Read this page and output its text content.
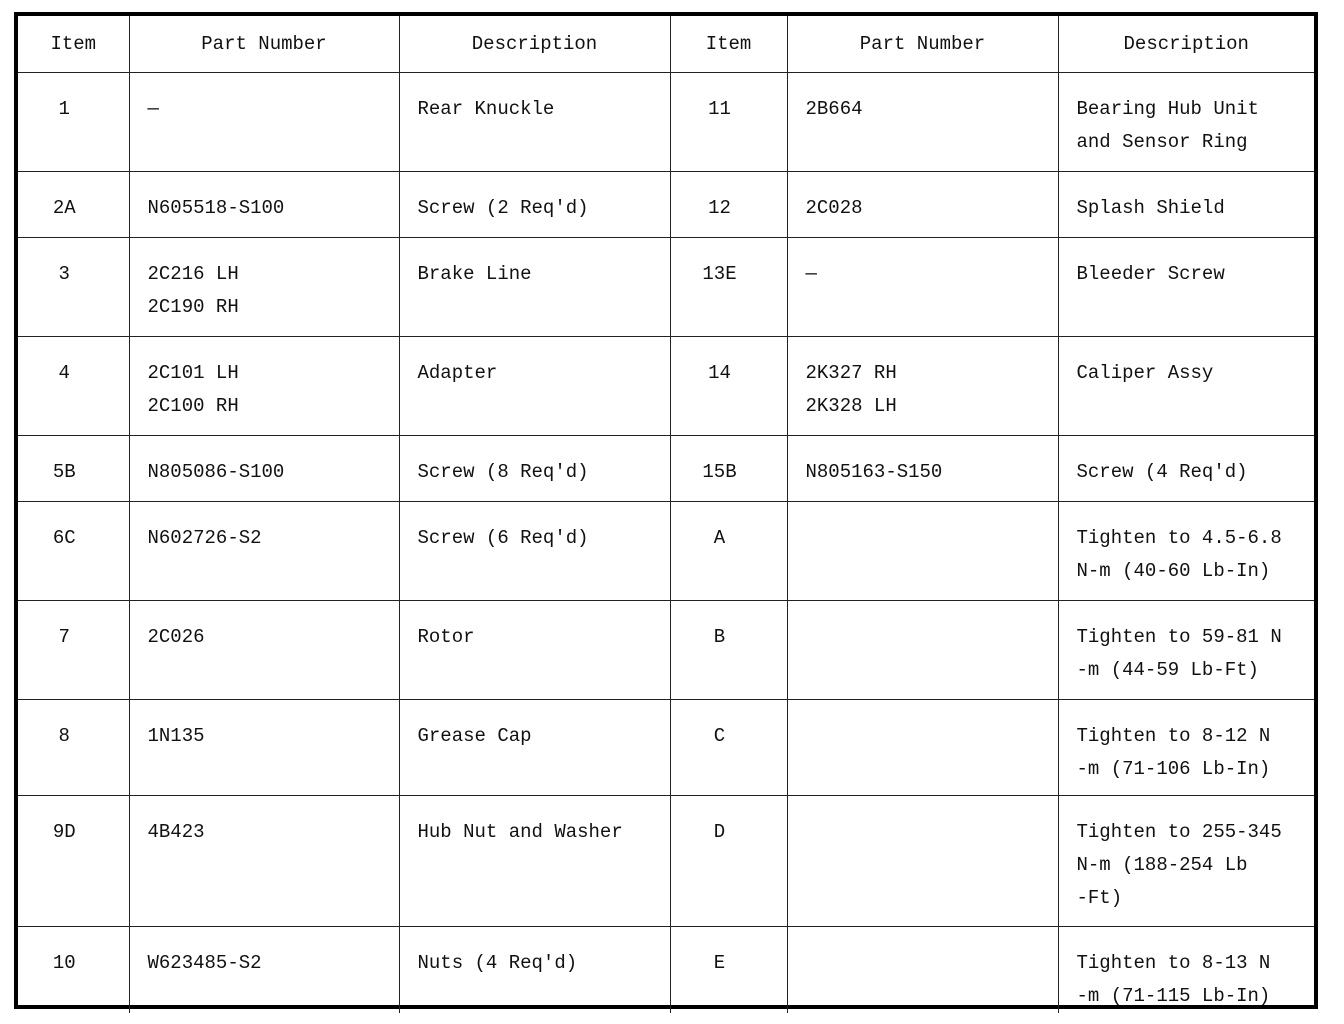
Item	Part Number	Description	Item	Part Number	Description

1	—	Rear Knuckle	11	2B664	Bearing Hub Unit and Sensor Ring

2A	N605518-S100	Screw (2 Req'd)	12	2C028	Splash Shield

3	2C216 LH
2C190 RH	Brake Line	13E	—	Bleeder Screw

4	2C101 LH
2C100 RH	Adapter	14	2K327 RH
2K328 LH	Caliper Assy

5B	N805086-S100	Screw (8 Req'd)	15B	N805163-S150	Screw (4 Req'd)

6C	N602726-S2	Screw (6 Req'd)	A		Tighten to 4.5-6.8
N-m (40-60 Lb-In)

7	2C026	Rotor	B		Tighten to 59-81 N
-m (44-59 Lb-Ft)

8	1N135	Grease Cap	C		Tighten to 8-12 N
-m (71-106 Lb-In)

9D	4B423	Hub Nut and Washer	D		Tighten to 255-345
N-m (188-254 Lb
-Ft)

10	W623485-S2	Nuts (4 Req'd)	E		Tighten to 8-13 N
-m (71-115 Lb-In)
